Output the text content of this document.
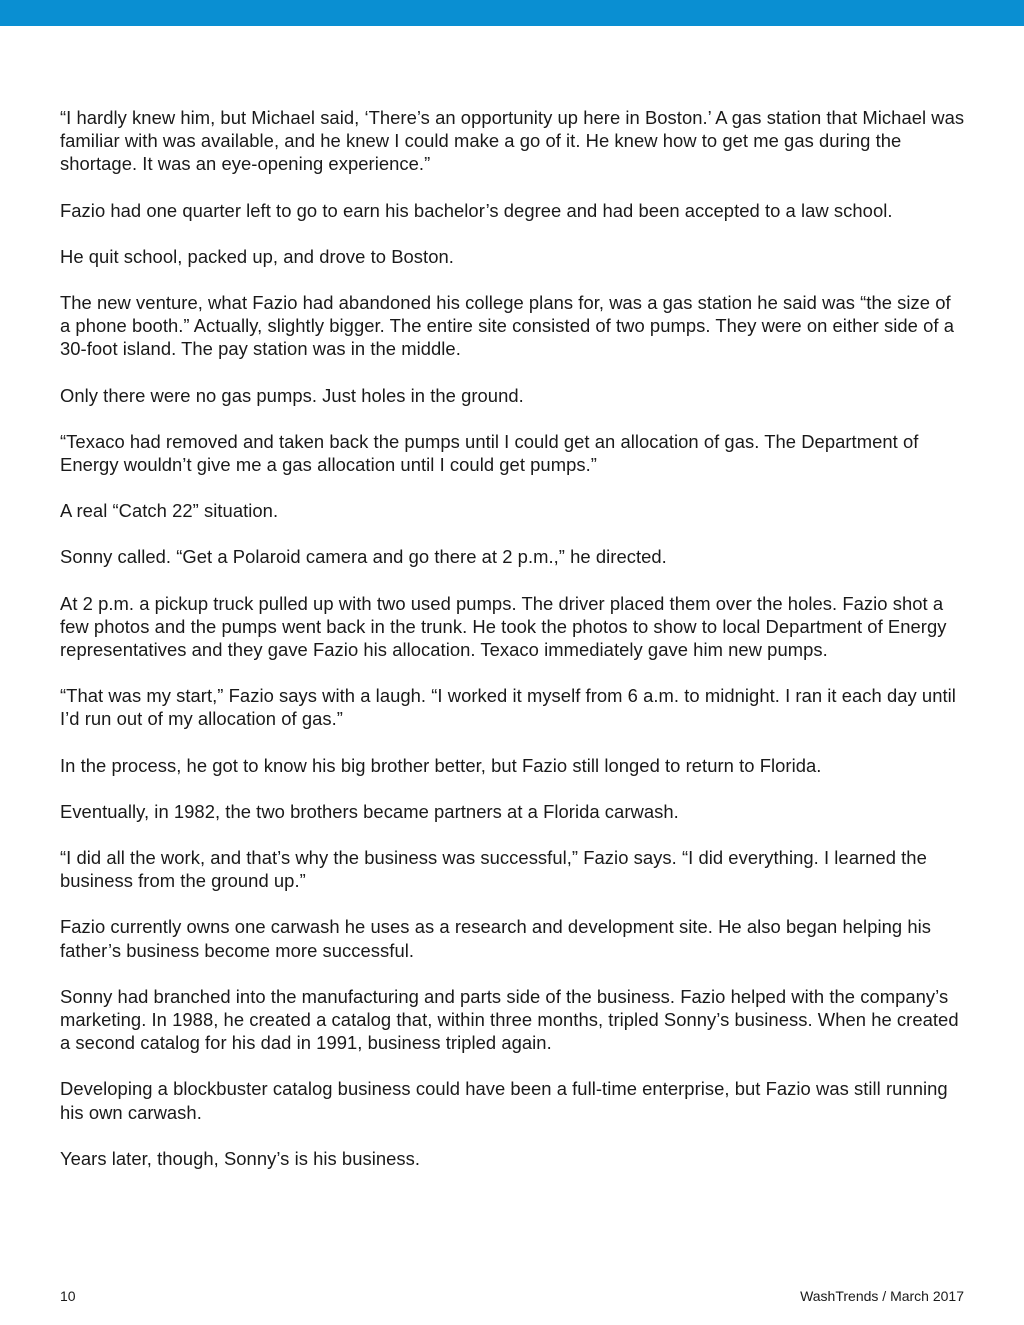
“I hardly knew him, but Michael said, ‘There’s an opportunity up here in Boston.’ A gas station that Michael was familiar with was available, and he knew I could make a go of it. He knew how to get me gas during the shortage. It was an eye-opening experience.”

Fazio had one quarter left to go to earn his bachelor’s degree and had been accepted to a law school.

He quit school, packed up, and drove to Boston.

The new venture, what Fazio had abandoned his college plans for, was a gas station he said was “the size of a phone booth.” Actually, slightly bigger. The entire site consisted of two pumps. They were on either side of a 30-foot island. The pay station was in the middle.

Only there were no gas pumps. Just holes in the ground.

“Texaco had removed and taken back the pumps until I could get an allocation of gas. The Department of Energy wouldn’t give me a gas allocation until I could get pumps.”

A real “Catch 22” situation.

Sonny called. “Get a Polaroid camera and go there at 2 p.m.,” he directed.

At 2 p.m. a pickup truck pulled up with two used pumps. The driver placed them over the holes. Fazio shot a few photos and the pumps went back in the trunk. He took the photos to show to local Department of Energy representatives and they gave Fazio his allocation. Texaco immediately gave him new pumps.

“That was my start,” Fazio says with a laugh. “I worked it myself from 6 a.m. to midnight. I ran it each day until I’d run out of my allocation of gas.”

In the process, he got to know his big brother better, but Fazio still longed to return to Florida.

Eventually, in 1982, the two brothers became partners at a Florida carwash.

“I did all the work, and that’s why the business was successful,” Fazio says. “I did everything. I learned the business from the ground up.”

Fazio currently owns one carwash he uses as a research and development site. He also began helping his father’s business become more successful.

Sonny had branched into the manufacturing and parts side of the business. Fazio helped with the company’s marketing. In 1988, he created a catalog that, within three months, tripled Sonny’s business. When he created a second catalog for his dad in 1991, business tripled again.

Developing a blockbuster catalog business could have been a full-time enterprise, but Fazio was still running his own carwash.

Years later, though, Sonny’s is his business.

10	WashTrends / March 2017
